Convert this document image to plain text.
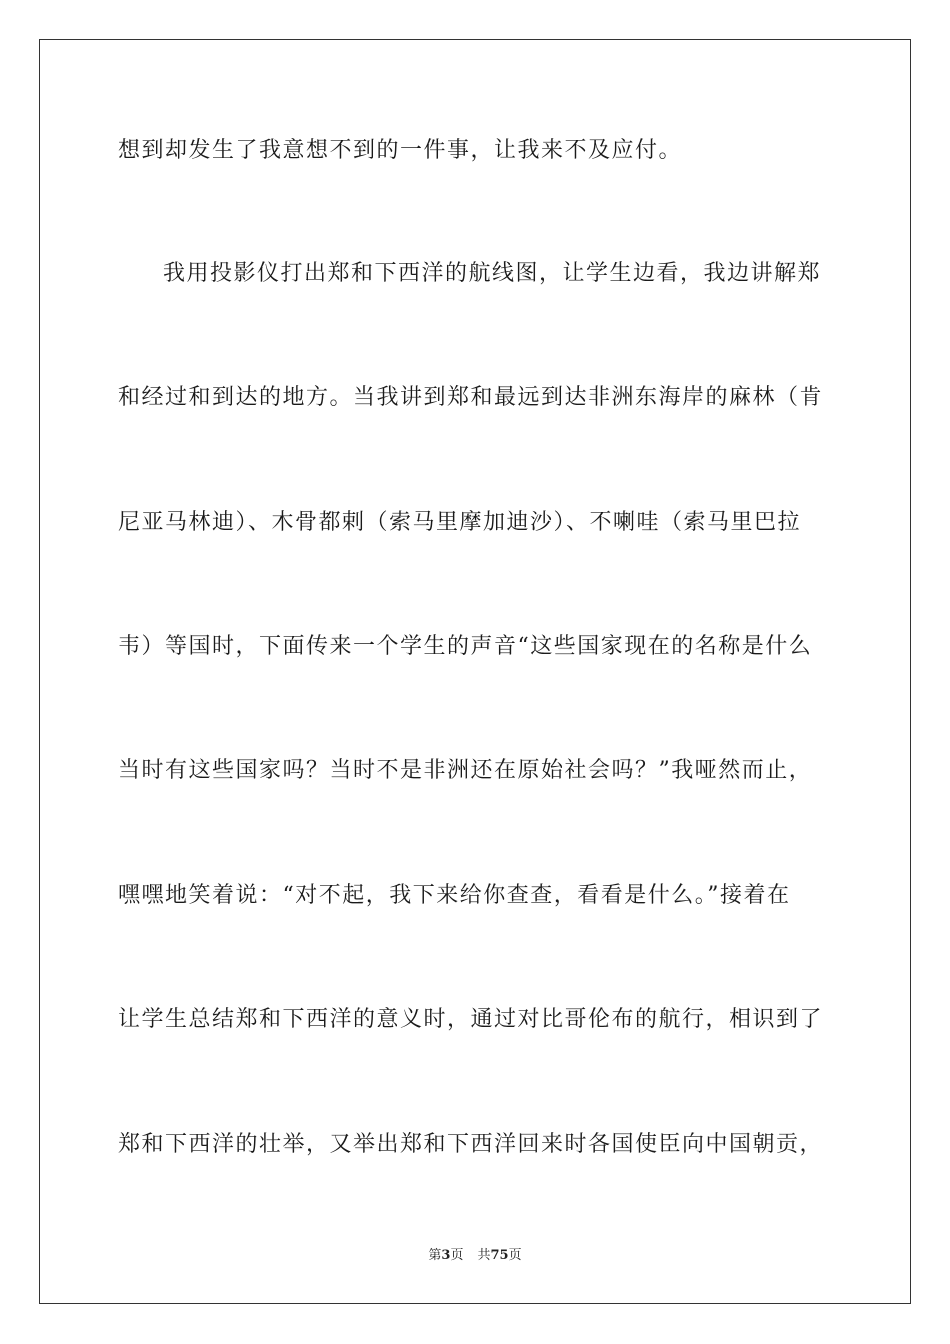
想到却发生了我意想不到的一件事，让我来不及应付。
我用投影仪打出郑和下西洋的航线图，让学生边看，我边讲解郑
和经过和到达的地方。当我讲到郑和最远到达非洲东海岸的麻林（肯
尼亚马林迪）、木骨都剌（索马里摩加迪沙）、不喇哇（索马里巴拉
韦）等国时，下面传来一个学生的声音“这些国家现在的名称是什么
当时有这些国家吗？当时不是非洲还在原始社会吗？”我哑然而止，
嘿嘿地笑着说：“对不起，我下来给你查查，看看是什么。”接着在
让学生总结郑和下西洋的意义时，通过对比哥伦布的航行，相识到了
郑和下西洋的壮举，又举出郑和下西洋回来时各国使臣向中国朝贡，
第3页 共75页
